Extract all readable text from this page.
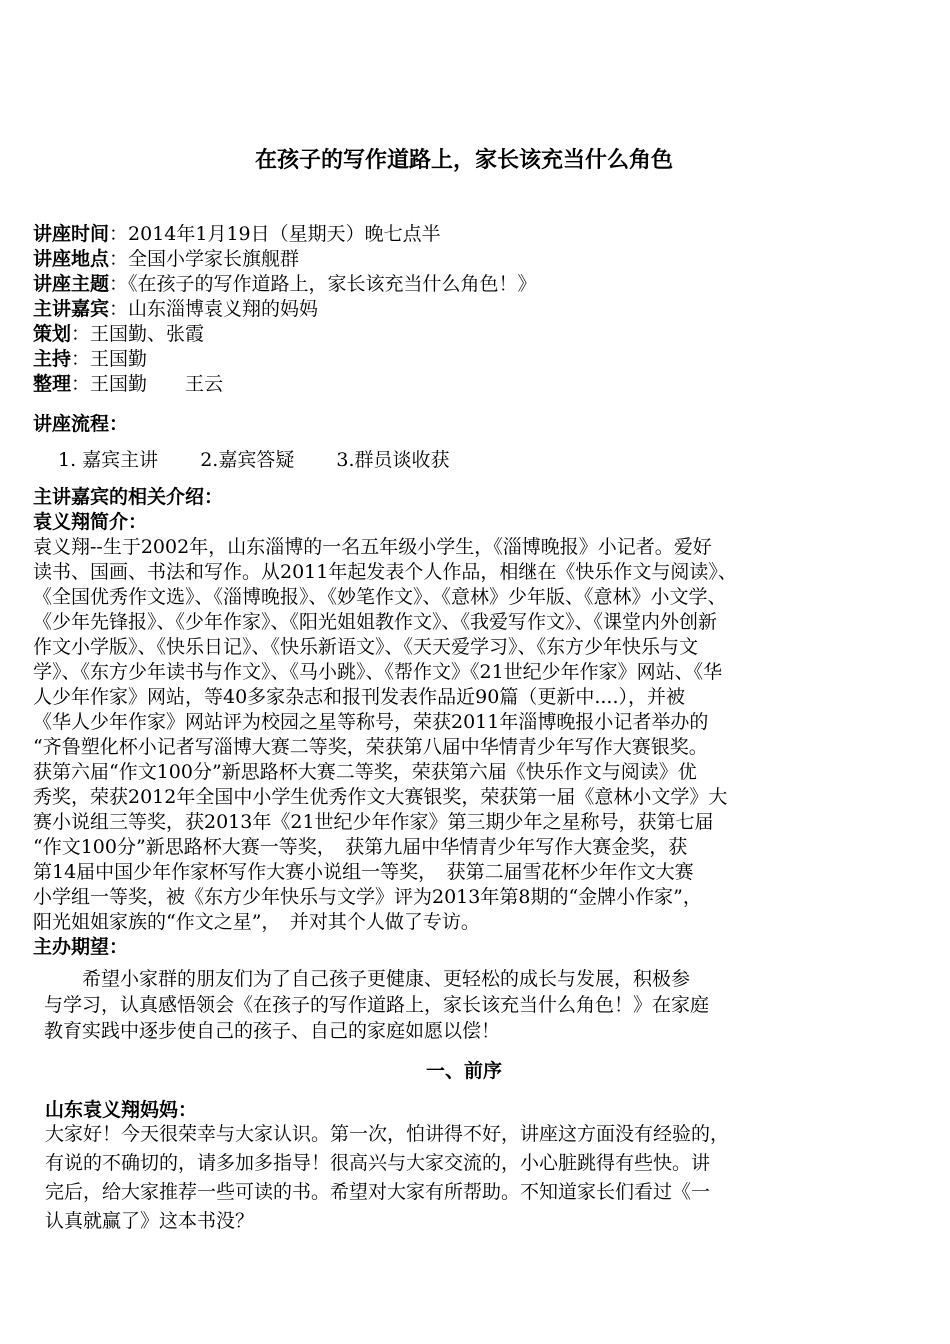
在孩子的写作道路上，家长该充当什么角色
讲座时间：2014年1月19日（星期天）晚七点半
讲座地点：全国小学家长旗舰群
讲座主题：《在孩子的写作道路上，家长该充当什么角色！》
主讲嘉宾：山东淄博袁义翔的妈妈
策划：王国勤、张霞
主持：王国勤
整理：王国勤　　王云
讲座流程：
1. 嘉宾主讲 2.嘉宾答疑 3.群员谈收获
主讲嘉宾的相关介绍：
袁义翔简介：
袁义翔--生于2002年，山东淄博的一名五年级小学生，《淄博晚报》小记者。爱好
读书、国画、书法和写作。从2011年起发表个人作品，相继在《快乐作文与阅读》、
《全国优秀作文选》、《淄博晚报》、《妙笔作文》、《意林》少年版、《意林》小文学、
《少年先锋报》、《少年作家》、《阳光姐姐教作文》、《我爱写作文》、《课堂内外创新
作文小学版》、《快乐日记》、《快乐新语文》、《天天爱学习》、《东方少年快乐与文
学》、《东方少年读书与作文》、《马小跳》、《帮作文》《21世纪少年作家》网站、《华
人少年作家》网站，等40多家杂志和报刊发表作品近90篇（更新中....），并被
《华人少年作家》网站评为校园之星等称号，荣获2011年淄博晚报小记者举办的
“齐鲁塑化杯小记者写淄博大赛二等奖，荣获第八届中华情青少年写作大赛银奖。
获第六届“作文100分”新思路杯大赛二等奖，荣获第六届《快乐作文与阅读》优
秀奖，荣获2012年全国中小学生优秀作文大赛银奖，荣获第一届《意林小文学》大
赛小说组三等奖，获2013年《21世纪少年作家》第三期少年之星称号，获第七届
“作文100分”新思路杯大赛一等奖，　获第九届中华情青少年写作大赛金奖，获
第14届中国少年作家杯写作大赛小说组一等奖，　获第二届雪花杯少年作文大赛
小学组一等奖，被《东方少年快乐与文学》评为2013年第8期的“金牌小作家”，
阳光姐姐家族的“作文之星”，　并对其个人做了专访。
主办期望：
　　希望小家群的朋友们为了自己孩子更健康、更轻松的成长与发展，积极参
与学习，认真感悟领会《在孩子的写作道路上，家长该充当什么角色！》在家庭
教育实践中逐步使自己的孩子、自己的家庭如愿以偿！
一、前序
山东袁义翔妈妈：
大家好！今天很荣幸与大家认识。第一次，怕讲得不好，讲座这方面没有经验的，
有说的不确切的，请多加多指导！很高兴与大家交流的，小心脏跳得有些快。讲
完后，给大家推荐一些可读的书。希望对大家有所帮助。不知道家长们看过《一
认真就赢了》这本书没？
